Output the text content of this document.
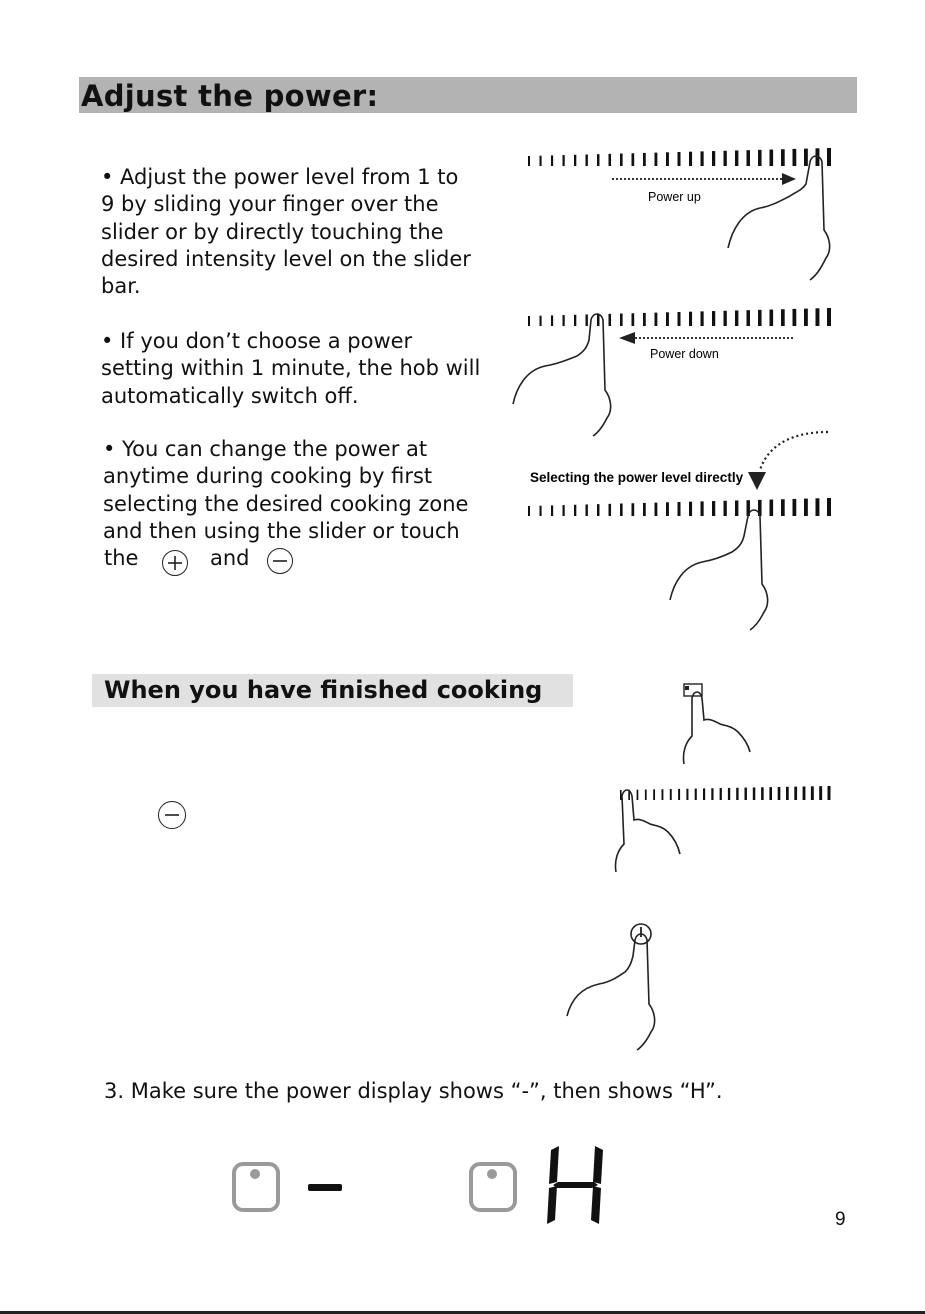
Adjust the power:
• Adjust the power level from 1 to
9 by sliding your finger over the
slider or by directly touching the
desired intensity level on the slider
bar.
• If you don’t choose a power
setting within 1 minute, the hob will
automatically switch off.
• You can change the power at
anytime during cooking by first
selecting the desired cooking zone
and then using the slider or touch
the	and
Power up
Power down
Selecting the power level directly
When you have finished cooking
3. Make sure the power display shows “-”, then shows “H”.
-
H
9
